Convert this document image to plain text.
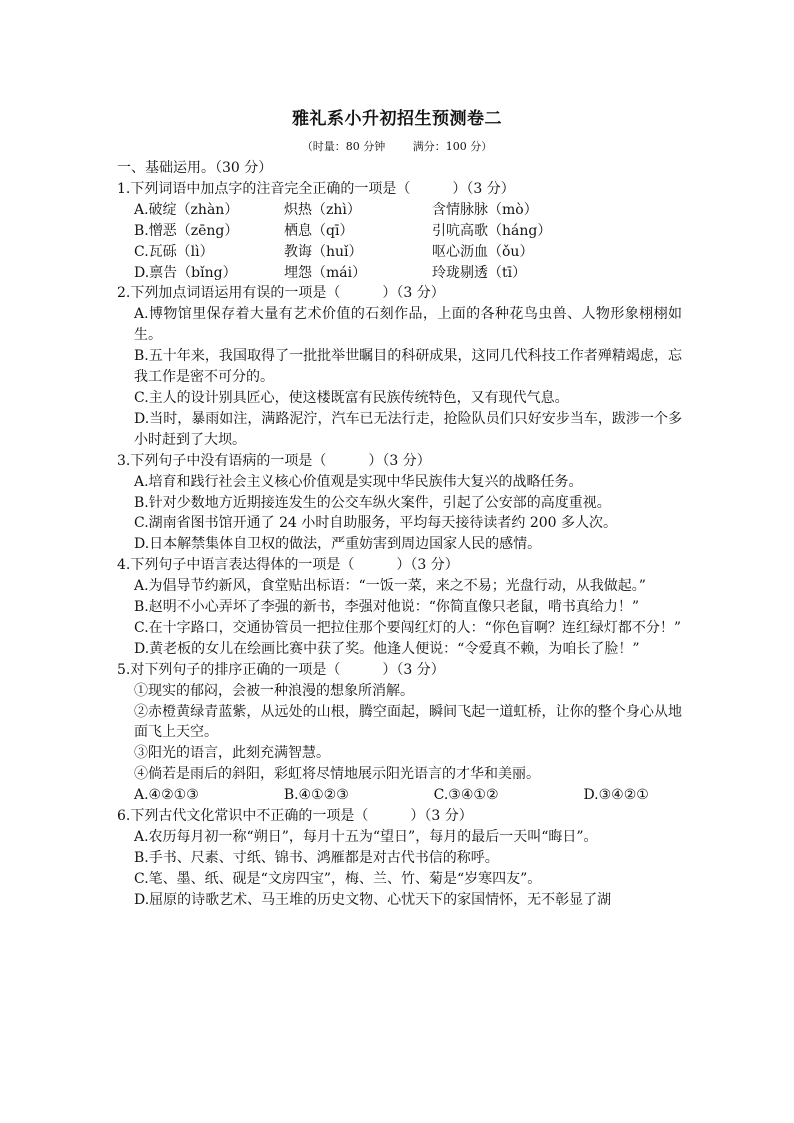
雅礼系小升初招生预测卷二
（时量：80 分钟	满分：100 分）
一、基础运用。（30 分）
1.下列词语中加点字的注音完全正确的一项是（　　　）（3 分）
A.破绽（zhàn）	炽热（zhì）	含情脉脉（mò）
B.憎恶（zēng）	栖息（qī）	引吭高歌（háng）
C.瓦砾（lì）	教诲（huǐ）	呕心沥血（ǒu）
D.禀告（bǐng）	埋怨（mái）	玲珑剔透（tī）
2.下列加点词语运用有误的一项是（　　　）（3 分）
A.博物馆里保存着大量有艺术价值的石刻作品，上面的各种花鸟虫兽、人物形象栩栩如生。
B.五十年来，我国取得了一批批举世瞩目的科研成果，这同几代科技工作者殚精竭虑，忘我工作是密不可分的。
C.主人的设计别具匠心，使这楼既富有民族传统特色，又有现代气息。
D.当时，暴雨如注，满路泥泞，汽车已无法行走，抢险队员们只好安步当车，跋涉一个多小时赶到了大坝。
3.下列句子中没有语病的一项是（　　　）（3 分）
A.培育和践行社会主义核心价值观是实现中华民族伟大复兴的战略任务。
B.针对少数地方近期接连发生的公交车纵火案件，引起了公安部的高度重视。
C.湖南省图书馆开通了 24 小时自助服务，平均每天接待读者约 200 多人次。
D.日本解禁集体自卫权的做法，严重妨害到周边国家人民的感情。
4.下列句子中语言表达得体的一项是（　　　）（3 分）
A.为倡导节约新风，食堂贴出标语：“一饭一菜，来之不易；光盘行动，从我做起。”
B.赵明不小心弄坏了李强的新书，李强对他说：“你简直像只老鼠，啃书真给力！”
C.在十字路口，交通协管员一把拉住那个要闯红灯的人：“你色盲啊？连红绿灯都不分！”
D.黄老板的女儿在绘画比赛中获了奖。他逢人便说：“令爱真不赖，为咱长了脸！”
5.对下列句子的排序正确的一项是（　　　）（3 分）
①现实的郁闷，会被一种浪漫的想象所消解。
②赤橙黄绿青蓝紫，从远处的山根，腾空面起，瞬间飞起一道虹桥，让你的整个身心从地面飞上天空。
③阳光的语言，此刻充满智慧。
④倘若是雨后的斜阳，彩虹将尽情地展示阳光语言的才华和美丽。
A.④②①③	B.④①②③	C.③④①②	D.③④②①
6.下列古代文化常识中不正确的一项是（　　　）（3 分）
A.农历每月初一称“朔日”，每月十五为“望日”，每月的最后一天叫“晦日”。
B.手书、尺素、寸纸、锦书、鸿雁都是对古代书信的称呼。
C.笔、墨、纸、砚是“文房四宝”，梅、兰、竹、菊是“岁寒四友”。
D.屈原的诗歌艺术、马王堆的历史文物、心忧天下的家国情怀，无不彰显了湖
